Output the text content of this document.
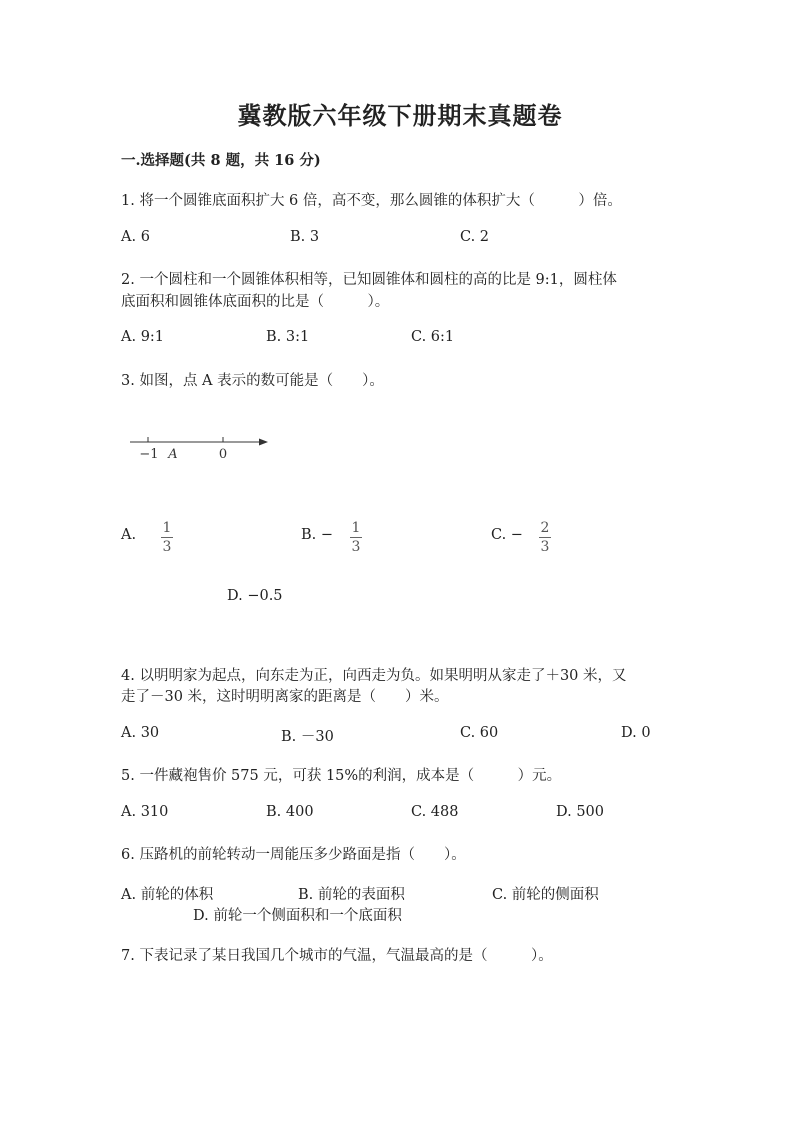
冀教版六年级下册期末真题卷
一.选择题(共 8 题，共 16 分)
1. 将一个圆锥底面积扩大 6 倍，高不变，那么圆锥的体积扩大（　　　）倍。
A. 6	B. 3	C. 2
2. 一个圆柱和一个圆锥体积相等，已知圆锥体和圆柱的高的比是 9:1，圆柱体
底面积和圆锥体底面积的比是（　　　）。
A. 9:1	B. 3:1	C. 6:1
3. 如图，点 A 表示的数可能是（　　）。
−1 A	0
A. 1
3
B. − 1
3
C. − 2
3
D. −0.5
4. 以明明家为起点，向东走为正，向西走为负。如果明明从家走了＋30 米，又
走了－30 米，这时明明离家的距离是（　　）米。
A. 30	B. －30	C. 60	D. 0
5. 一件藏袍售价 575 元，可获 15%的利润，成本是（　　　）元。
A. 310	B. 400	C. 488	D. 500
6. 压路机的前轮转动一周能压多少路面是指（　　）。
A. 前轮的体积	B. 前轮的表面积	C. 前轮的侧面积
D. 前轮一个侧面积和一个底面积
7. 下表记录了某日我国几个城市的气温，气温最高的是（　　　）。
